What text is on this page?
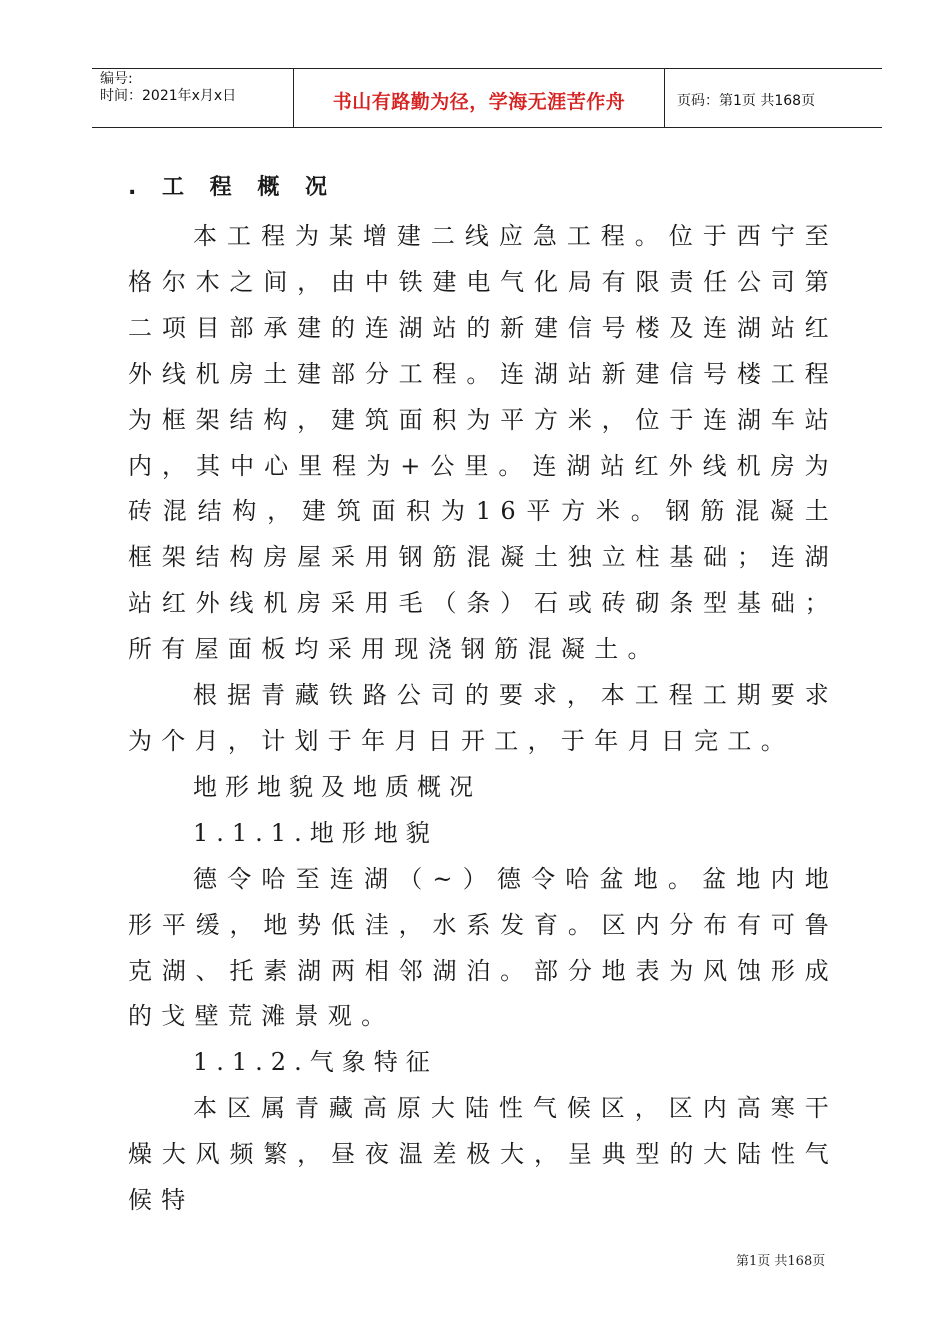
编号:
时间：2021年x月x日	书山有路勤为径，学海无涯苦作舟	页码：第1页 共168页
. 工 程 概 况

本工程为某增建二线应急工程。位于西宁至格尔木之间，由中铁建电气化局有限责任公司第二项目部承建的连湖站的新建信号楼及连湖站红外线机房土建部分工程。连湖站新建信号楼工程为框架结构，建筑面积为平方米，位于连湖车站内，其中心里程为+公里。连湖站红外线机房为砖混结构，建筑面积为16平方米。钢筋混凝土框架结构房屋采用钢筋混凝土独立柱基础；连湖站红外线机房采用毛（条）石或砖砌条型基础；所有屋面板均采用现浇钢筋混凝土。

根据青藏铁路公司的要求，本工程工期要求为个月，计划于年月日开工，于年月日完工。

地形地貌及地质概况

1.1.1.地形地貌

德令哈至连湖（~）德令哈盆地。盆地内地形平缓，地势低洼，水系发育。区内分布有可鲁克湖、托素湖两相邻湖泊。部分地表为风蚀形成的戈壁荒滩景观。

1.1.2.气象特征

本区属青藏高原大陆性气候区，区内高寒干燥大风频繁，昼夜温差极大，呈典型的大陆性气候特

第1页 共168页
